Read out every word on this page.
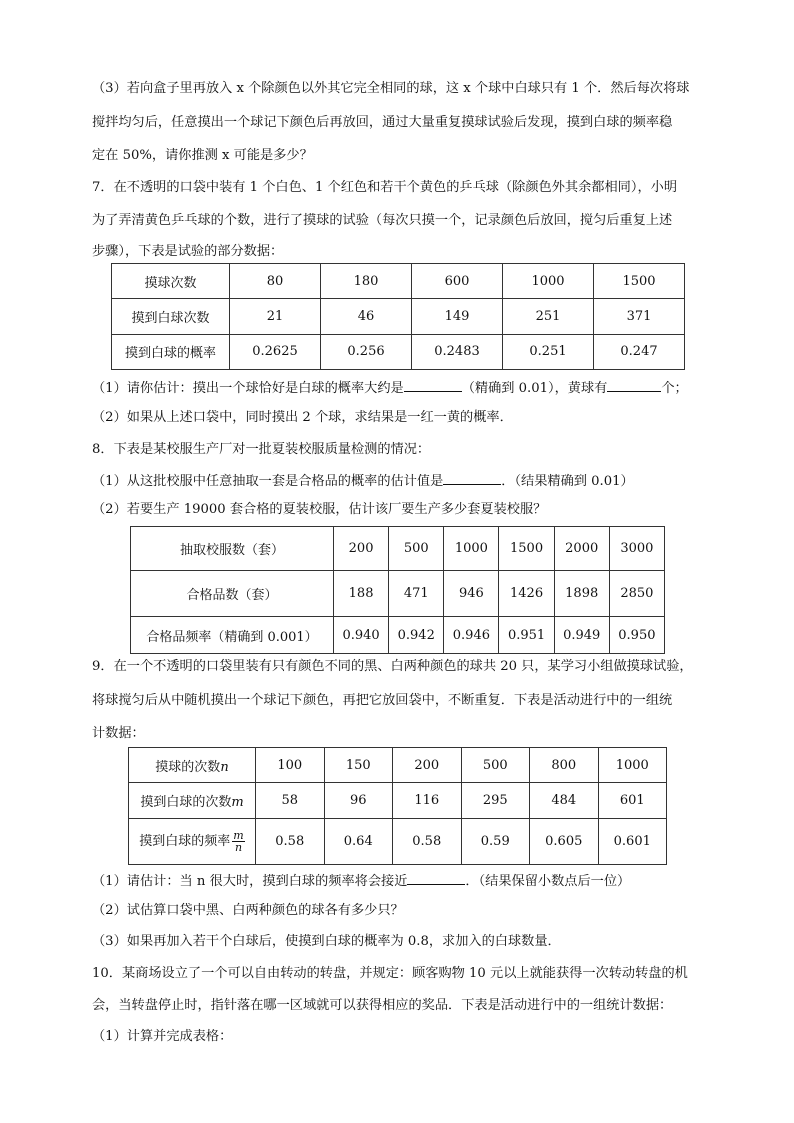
（3）若向盒子里再放入 x 个除颜色以外其它完全相同的球，这 x 个球中白球只有 1 个．然后每次将球
搅拌均匀后，任意摸出一个球记下颜色后再放回，通过大量重复摸球试验后发现，摸到白球的频率稳
定在 50%，请你推测 x 可能是多少？
7．在不透明的口袋中装有 1 个白色、1 个红色和若干个黄色的乒乓球（除颜色外其余都相同），小明
为了弄清黄色乒乓球的个数，进行了摸球的试验（每次只摸一个，记录颜色后放回，搅匀后重复上述
步骤），下表是试验的部分数据：
摸球次数	80	180	600	1000	1500
摸到白球次数	21	46	149	251	371
摸到白球的概率	0.2625	0.256	0.2483	0.251	0.247
（1）请你估计：摸出一个球恰好是白球的概率大约是	（精确到 0.01），黄球有	个；
（2）如果从上述口袋中，同时摸出 2 个球，求结果是一红一黄的概率．
8．下表是某校服生产厂对一批夏装校服质量检测的情况：
（1）从这批校服中任意抽取一套是合格品的概率的估计值是	．（结果精确到 0.01）
（2）若要生产 19000 套合格的夏装校服，估计该厂要生产多少套夏装校服？
抽取校服数（套）	200	500	1000	1500	2000	3000
合格品数（套）	188	471	946	1426	1898	2850
合格品频率（精确到 0.001）	0.940	0.942	0.946	0.951	0.949	0.950
9．在一个不透明的口袋里装有只有颜色不同的黑、白两种颜色的球共 20 只，某学习小组做摸球试验，
将球搅匀后从中随机摸出一个球记下颜色，再把它放回袋中，不断重复．下表是活动进行中的一组统
计数据：
摸球的次数n	100	150	200	500	800	1000
摸到白球的次数m	58	96	116	295	484	601
摸到白球的频率 $\frac{m}{n}$	0.58	0.64	0.58	0.59	0.605	0.601
（1）请估计：当 n 很大时，摸到白球的频率将会接近	．（结果保留小数点后一位）
（2）试估算口袋中黑、白两种颜色的球各有多少只？
（3）如果再加入若干个白球后，使摸到白球的概率为 0.8，求加入的白球数量．
10．某商场设立了一个可以自由转动的转盘，并规定：顾客购物 10 元以上就能获得一次转动转盘的机
会，当转盘停止时，指针落在哪一区域就可以获得相应的奖品．下表是活动进行中的一组统计数据：
（1）计算并完成表格：
